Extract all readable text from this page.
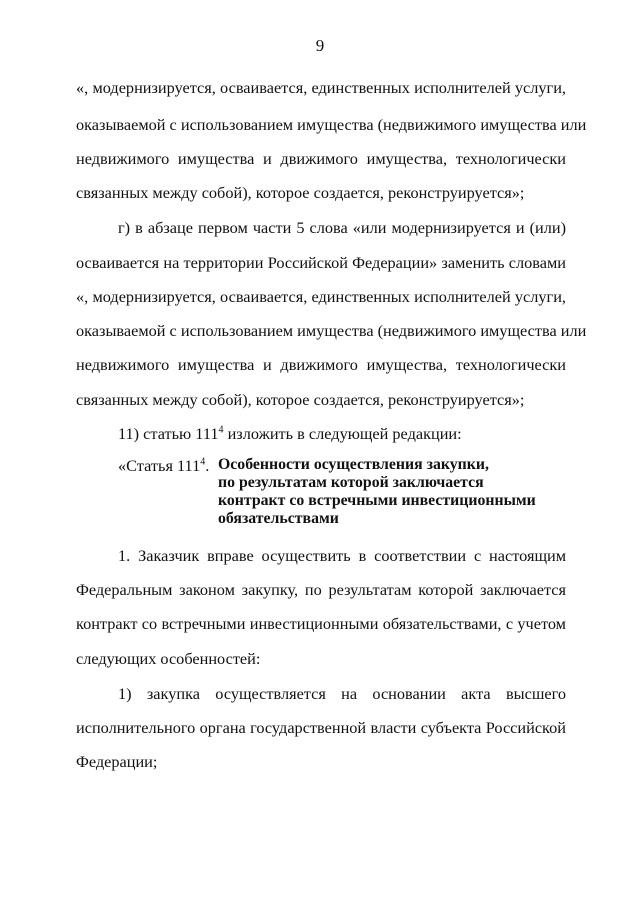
9
«, модернизируется, осваивается, единственных исполнителей услуги,
оказываемой с использованием имущества (недвижимого имущества или
недвижимого имущества и движимого имущества, технологически
связанных между собой), которое создается, реконструируется»;
г) в абзаце первом части 5 слова «или модернизируется и (или)
осваивается на территории Российской Федерации» заменить словами
«, модернизируется, осваивается, единственных исполнителей услуги,
оказываемой с использованием имущества (недвижимого имущества или
недвижимого имущества и движимого имущества, технологически
связанных между собой), которое создается, реконструируется»;
11) статью $111^4$ изложить в следующей редакции:
«Статья $111^4$. Особенности осуществления закупки,
по результатам которой заключается
контракт со встречными инвестиционными
обязательствами
1. Заказчик вправе осуществить в соответствии с настоящим
Федеральным законом закупку, по результатам которой заключается
контракт со встречными инвестиционными обязательствами, с учетом
следующих особенностей:
1) закупка осуществляется на основании акта высшего
исполнительного органа государственной власти субъекта Российской
Федерации;
